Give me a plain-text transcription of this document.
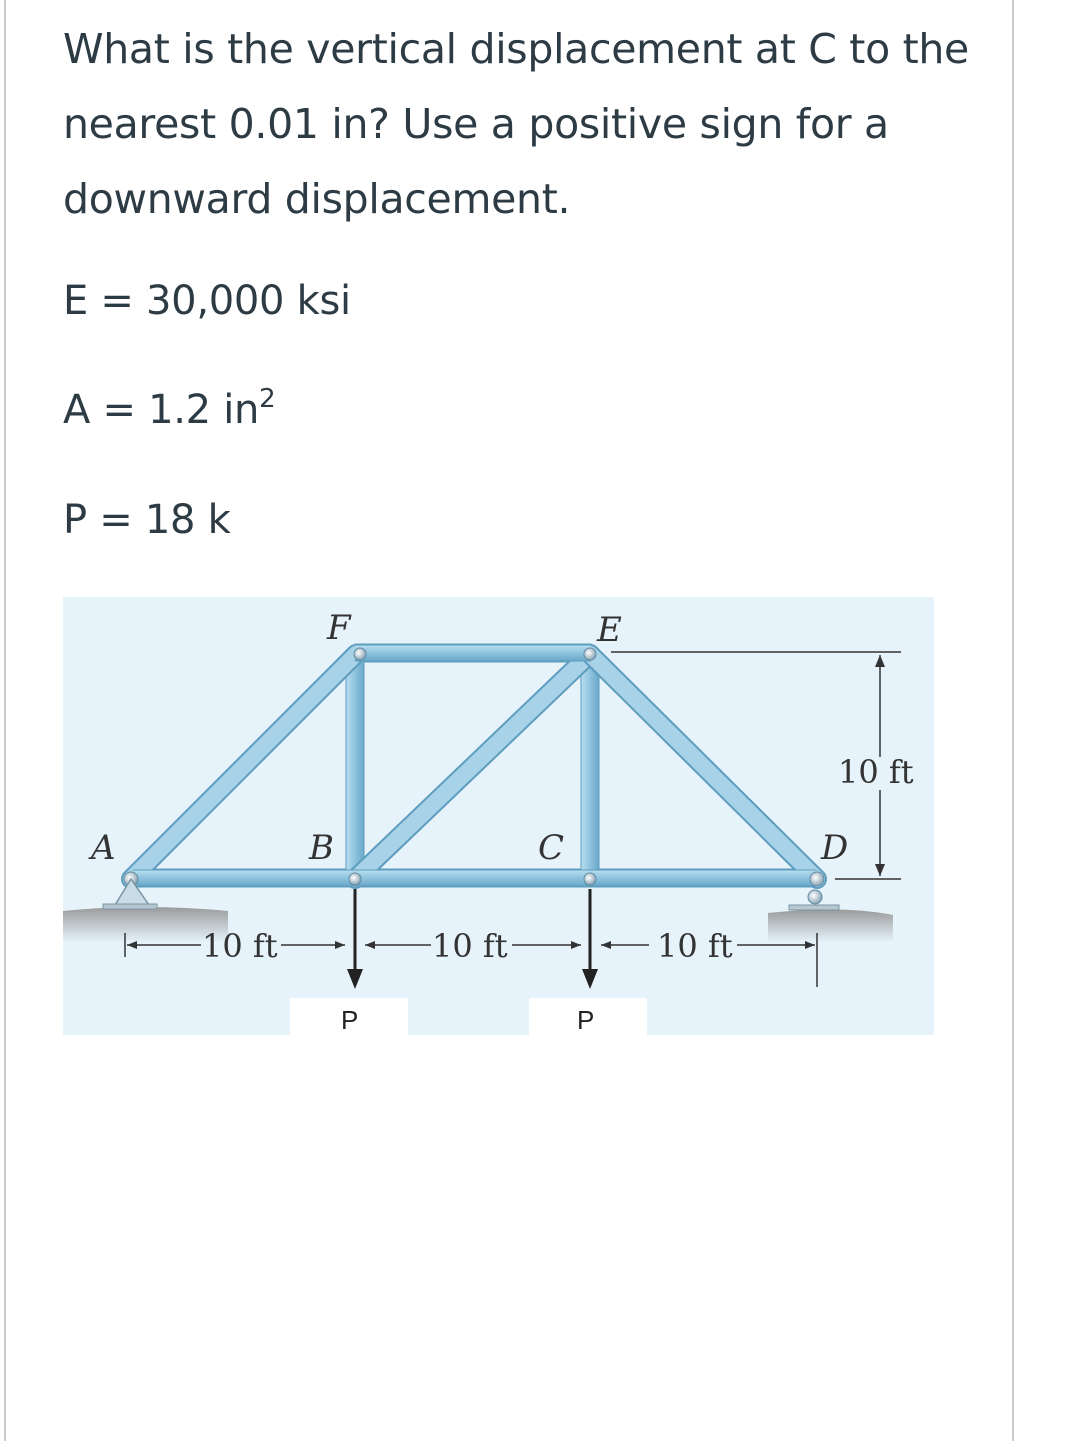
What is the vertical displacement at C to the nearest 0.01 in? Use a positive sign for a downward displacement.

E = 30,000 ksi

A = 1.2 $in^2$

P = 18 k

A	B	C	D
E
F
10 ft	10 ft	10 ft
10 ft
P	P
